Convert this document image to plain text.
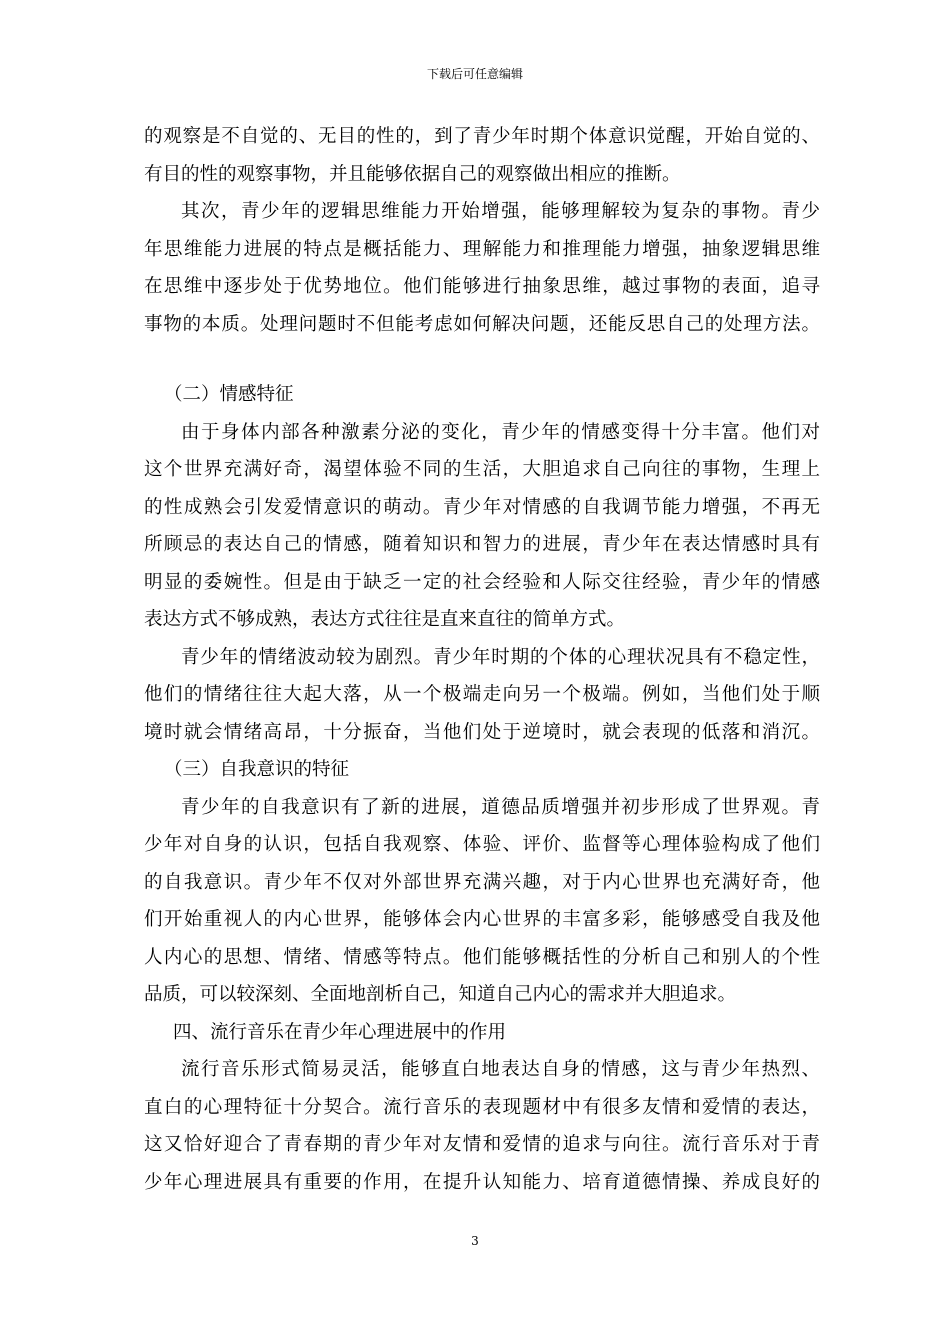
下载后可任意编辑
的观察是不自觉的、无目的性的，到了青少年时期个体意识觉醒，开始自觉的、
有目的性的观察事物，并且能够依据自己的观察做出相应的推断。
其次，青少年的逻辑思维能力开始增强，能够理解较为复杂的事物。青少
年思维能力进展的特点是概括能力、理解能力和推理能力增强，抽象逻辑思维
在思维中逐步处于优势地位。他们能够进行抽象思维，越过事物的表面，追寻
事物的本质。处理问题时不但能考虑如何解决问题，还能反思自己的处理方法。
（二）情感特征
由于身体内部各种激素分泌的变化，青少年的情感变得十分丰富。他们对
这个世界充满好奇，渴望体验不同的生活，大胆追求自己向往的事物，生理上
的性成熟会引发爱情意识的萌动。青少年对情感的自我调节能力增强，不再无
所顾忌的表达自己的情感，随着知识和智力的进展，青少年在表达情感时具有
明显的委婉性。但是由于缺乏一定的社会经验和人际交往经验，青少年的情感
表达方式不够成熟，表达方式往往是直来直往的简单方式。
青少年的情绪波动较为剧烈。青少年时期的个体的心理状况具有不稳定性，
他们的情绪往往大起大落，从一个极端走向另一个极端。例如，当他们处于顺
境时就会情绪高昂，十分振奋，当他们处于逆境时，就会表现的低落和消沉。
（三）自我意识的特征
青少年的自我意识有了新的进展，道德品质增强并初步形成了世界观。青
少年对自身的认识，包括自我观察、体验、评价、监督等心理体验构成了他们
的自我意识。青少年不仅对外部世界充满兴趣，对于内心世界也充满好奇，他
们开始重视人的内心世界，能够体会内心世界的丰富多彩，能够感受自我及他
人内心的思想、情绪、情感等特点。他们能够概括性的分析自己和别人的个性
品质，可以较深刻、全面地剖析自己，知道自己内心的需求并大胆追求。
四、流行音乐在青少年心理进展中的作用
流行音乐形式简易灵活，能够直白地表达自身的情感，这与青少年热烈、
直白的心理特征十分契合。流行音乐的表现题材中有很多友情和爱情的表达，
这又恰好迎合了青春期的青少年对友情和爱情的追求与向往。流行音乐对于青
少年心理进展具有重要的作用，在提升认知能力、培育道德情操、养成良好的
3
